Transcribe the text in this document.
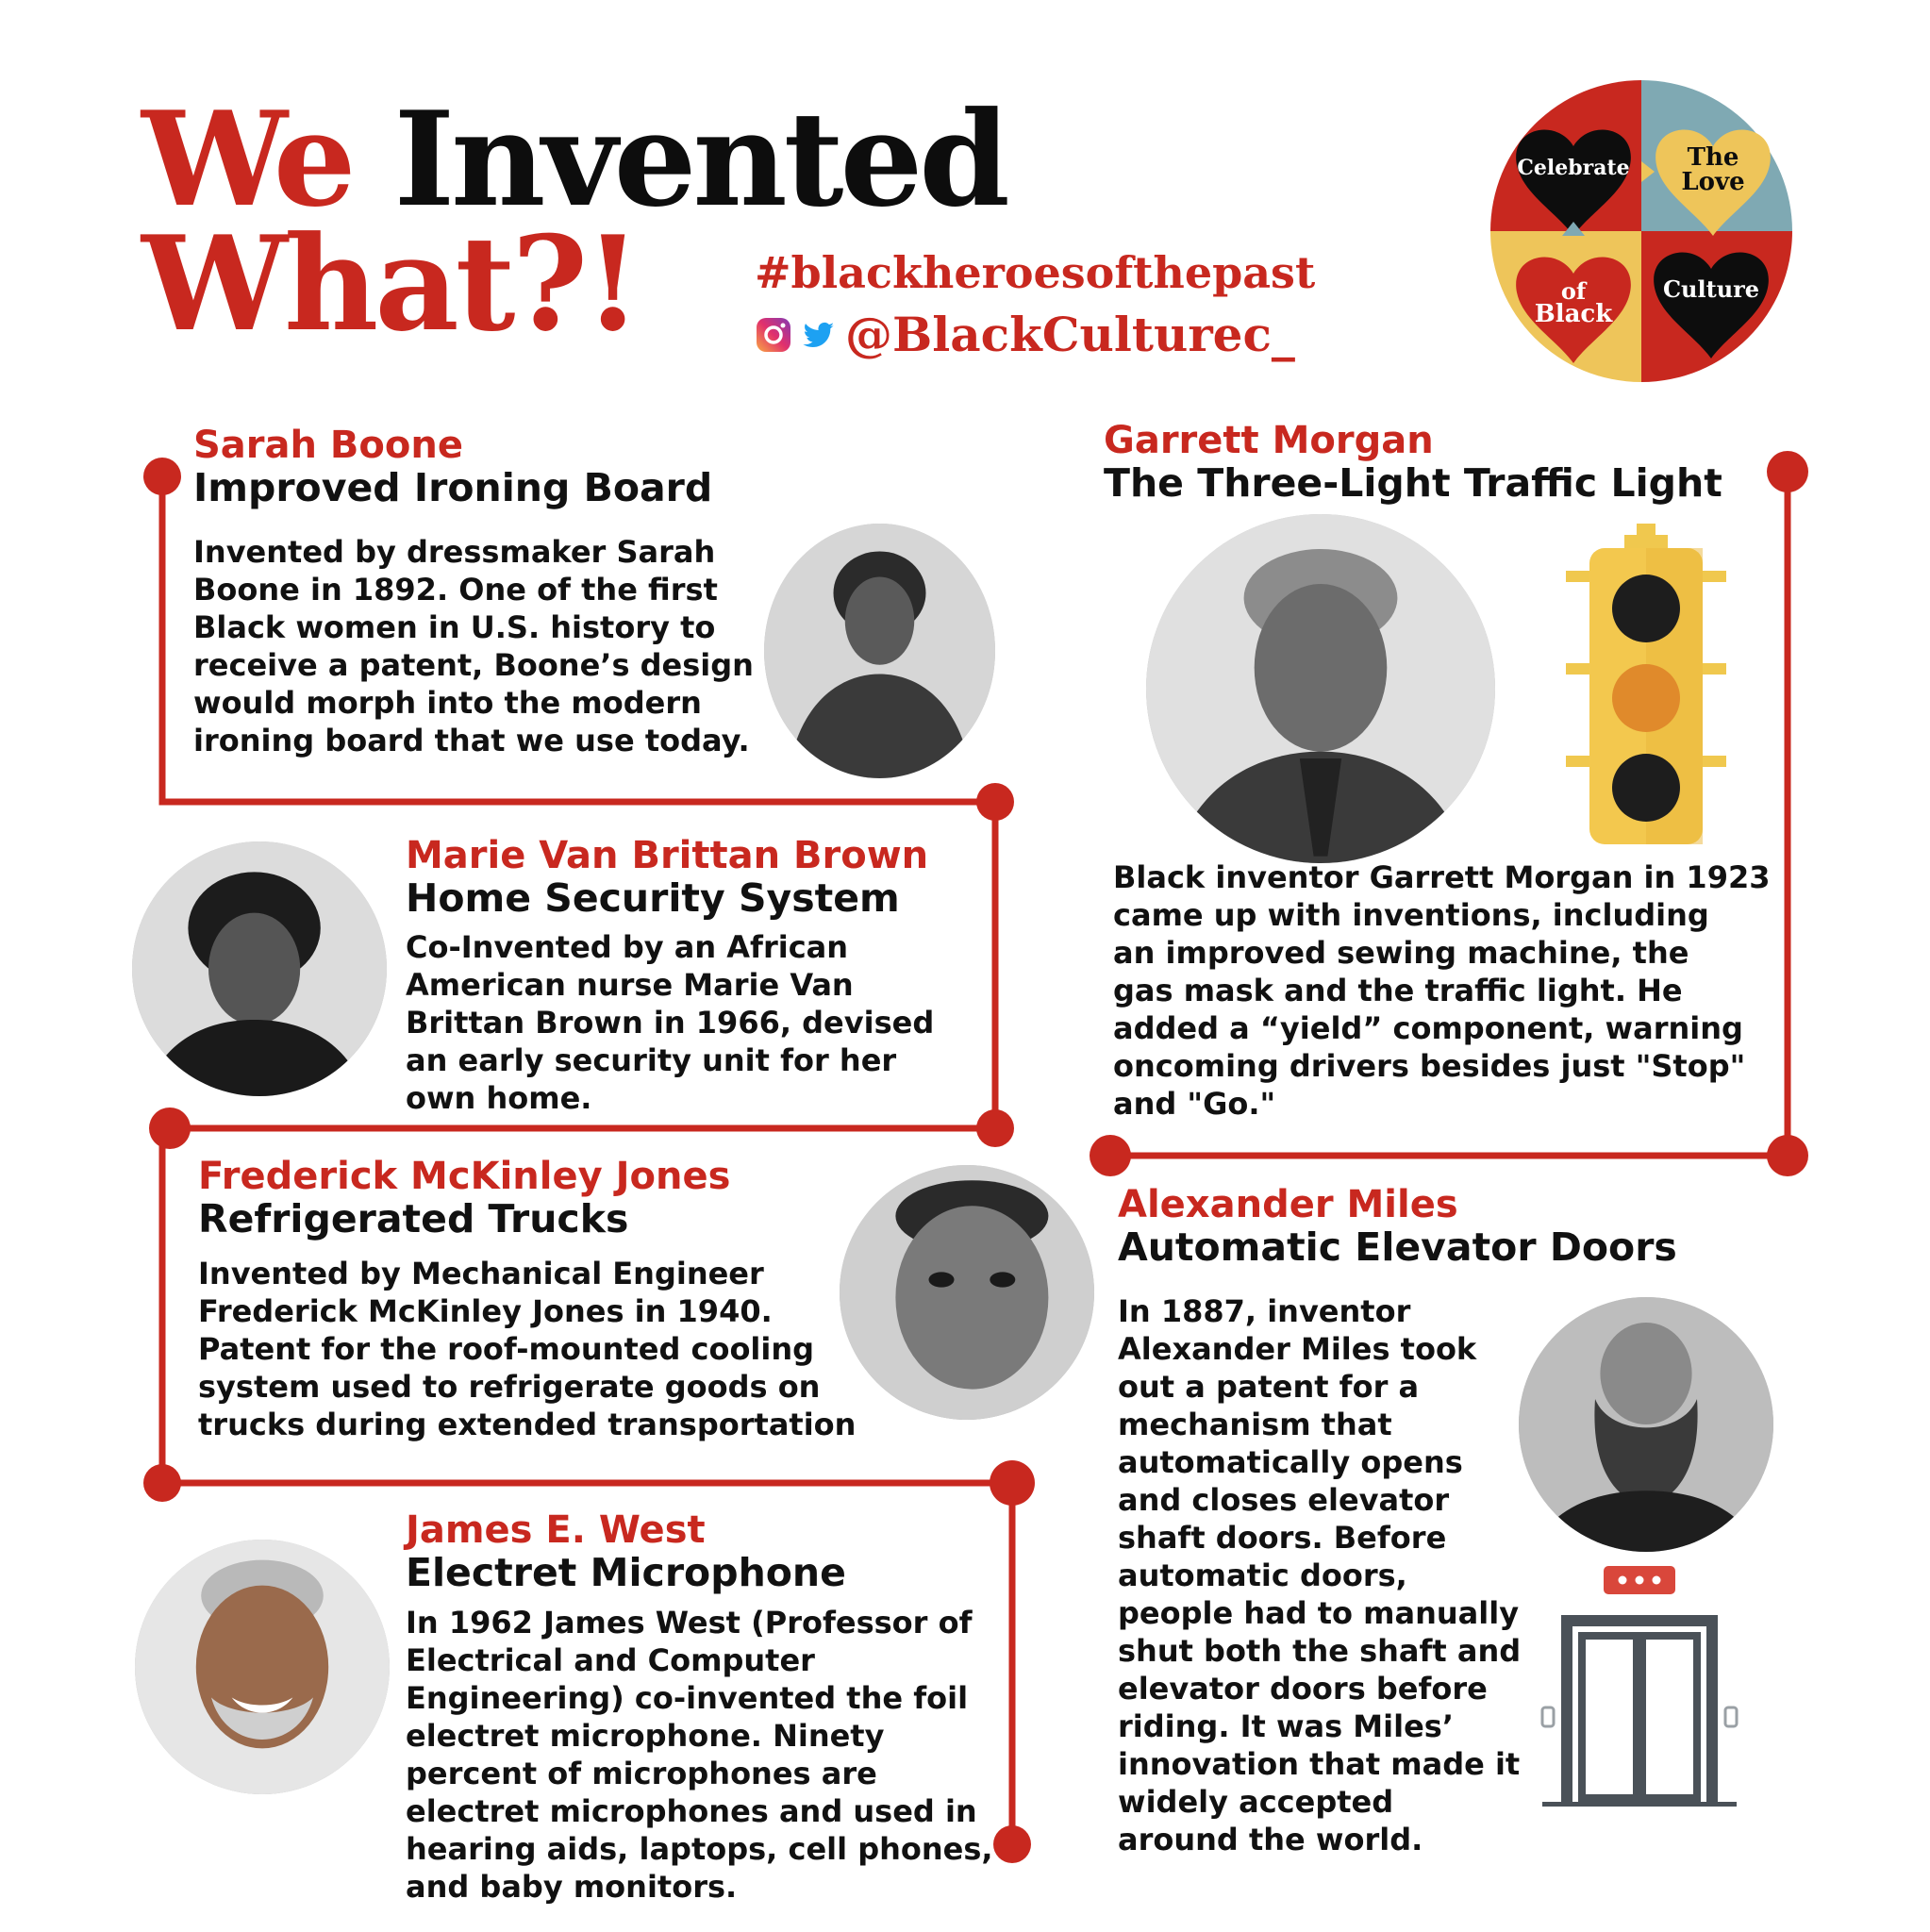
We Invented
What?!	#blackheroesofthepast
@BlackCulturec_
Celebrate The
Love
of
Black
Culture
Sarah Boone
Improved Ironing Board

Invented by dressmaker Sarah
Boone in 1892. One of the first
Black women in U.S. history to
receive a patent, Boone’s design
would morph into the modern
ironing board that we use today.

Marie Van Brittan Brown
Home Security System

Co-Invented by an African
American nurse Marie Van
Brittan Brown in 1966, devised
an early security unit for her
own home.

Frederick McKinley Jones
Refrigerated Trucks

Invented by Mechanical Engineer
Frederick McKinley Jones in 1940.
Patent for the roof-mounted cooling
system used to refrigerate goods on
trucks during extended transportation

James E. West
Electret Microphone

In 1962 James West (Professor of
Electrical and Computer
Engineering) co-invented the foil
electret microphone. Ninety
percent of microphones are
electret microphones and used in
hearing aids, laptops, cell phones,
and baby monitors.

Garrett Morgan
The Three-Light Traffic Light

Black inventor Garrett Morgan in 1923
came up with inventions, including
an improved sewing machine, the
gas mask and the traffic light. He
added a “yield” component, warning
oncoming drivers besides just "Stop"
and "Go."

Alexander Miles
Automatic Elevator Doors

In 1887, inventor
Alexander Miles took
out a patent for a
mechanism that
automatically opens
and closes elevator
shaft doors. Before
automatic doors,
people had to manually
shut both the shaft and
elevator doors before
riding. It was Miles’
innovation that made it
widely accepted
around the world.
